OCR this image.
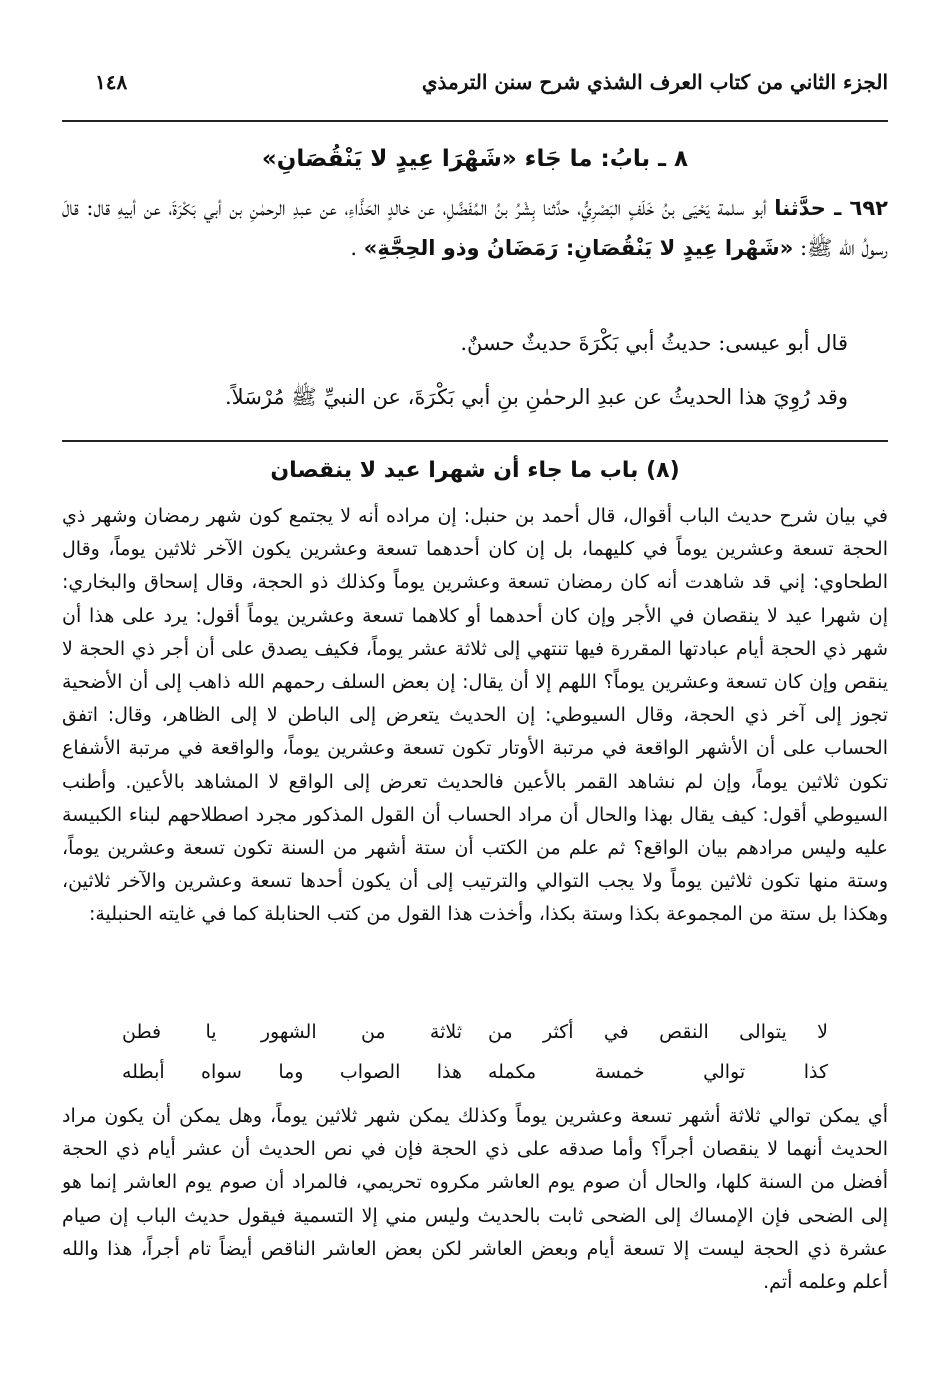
الجزء الثاني من كتاب العرف الشذي شرح سنن الترمذي
١٤٨
٨ ـ بابُ: ما جَاء «شَهْرَا عِيدٍ لا يَنْقُصَانِ»
٦٩٢ ـ حدَّثنا أبو سلمة يَحْيَى بنُ خَلَفٍ البَصْرِيُّ، حدَّثنا بِشْرُ بنُ المُفَضَّلِ، عن خالدٍ الحَذَّاءِ، عن عبدِ الرحمٰنِ بن أبي بَكْرَةَ، عن أبيهِ قال: قالَ رسولُ الله ﷺ: «شَهْرا عِيدٍ لا يَنْقُصَانِ: رَمَضَانُ وذو الحِجَّةِ» .

قال أبو عيسى: حديثُ أبي بَكْرَةَ حديثٌ حسنٌ.

وقد رُوِيَ هذا الحديثُ عن عبدِ الرحمٰنِ بنِ أبي بَكْرَةَ، عن النبيِّ ﷺ مُرْسَلاً.

(٨) باب ما جاء أن شهرا عيد لا ينقصان

في بيان شرح حديث الباب أقوال، قال أحمد بن حنبل: إن مراده أنه لا يجتمع كون شهر رمضان وشهر ذي الحجة تسعة وعشرين يوماً في كليهما، بل إن كان أحدهما تسعة وعشرين يكون الآخر ثلاثين يوماً، وقال الطحاوي: إني قد شاهدت أنه كان رمضان تسعة وعشرين يوماً وكذلك ذو الحجة، وقال إسحاق والبخاري: إن شهرا عيد لا ينقصان في الأجر وإن كان أحدهما أو كلاهما تسعة وعشرين يوماً أقول: يرد على هذا أن شهر ذي الحجة أيام عبادتها المقررة فيها تنتهي إلى ثلاثة عشر يوماً، فكيف يصدق على أن أجر ذي الحجة لا ينقص وإن كان تسعة وعشرين يوماً؟ اللهم إلا أن يقال: إن بعض السلف رحمهم الله ذاهب إلى أن الأضحية تجوز إلى آخر ذي الحجة، وقال السيوطي: إن الحديث يتعرض إلى الباطن لا إلى الظاهر، وقال: اتفق الحساب على أن الأشهر الواقعة في مرتبة الأوتار تكون تسعة وعشرين يوماً، والواقعة في مرتبة الأشفاع تكون ثلاثين يوماً، وإن لم نشاهد القمر بالأعين فالحديث تعرض إلى الواقع لا المشاهد بالأعين. وأطنب السيوطي أقول: كيف يقال بهذا والحال أن مراد الحساب أن القول المذكور مجرد اصطلاحهم لبناء الكبيسة عليه وليس مرادهم بيان الواقع؟ ثم علم من الكتب أن ستة أشهر من السنة تكون تسعة وعشرين يوماً، وستة منها تكون ثلاثين يوماً ولا يجب التوالي والترتيب إلى أن يكون أحدها تسعة وعشرين والآخر ثلاثين، وهكذا بل ستة من المجموعة بكذا وستة بكذا، وأخذت هذا القول من كتب الحنابلة كما في غايته الحنبلية:

لا يتوالى النقص في أكثر من
ثلاثة من الشهور يا فطن
كذا توالي خمسة مكمله
هذا الصواب وما سواه أبطله

أي يمكن توالي ثلاثة أشهر تسعة وعشرين يوماً وكذلك يمكن شهر ثلاثين يوماً، وهل يمكن أن يكون مراد الحديث أنهما لا ينقصان أجراً؟ وأما صدقه على ذي الحجة فإن في نص الحديث أن عشر أيام ذي الحجة أفضل من السنة كلها، والحال أن صوم يوم العاشر مكروه تحريمي، فالمراد أن صوم يوم العاشر إنما هو إلى الضحى فإن الإمساك إلى الضحى ثابت بالحديث وليس مني إلا التسمية فيقول حديث الباب إن صيام عشرة ذي الحجة ليست إلا تسعة أيام وبعض العاشر لكن بعض العاشر الناقص أيضاً تام أجراً، هذا والله أعلم وعلمه أتم.
